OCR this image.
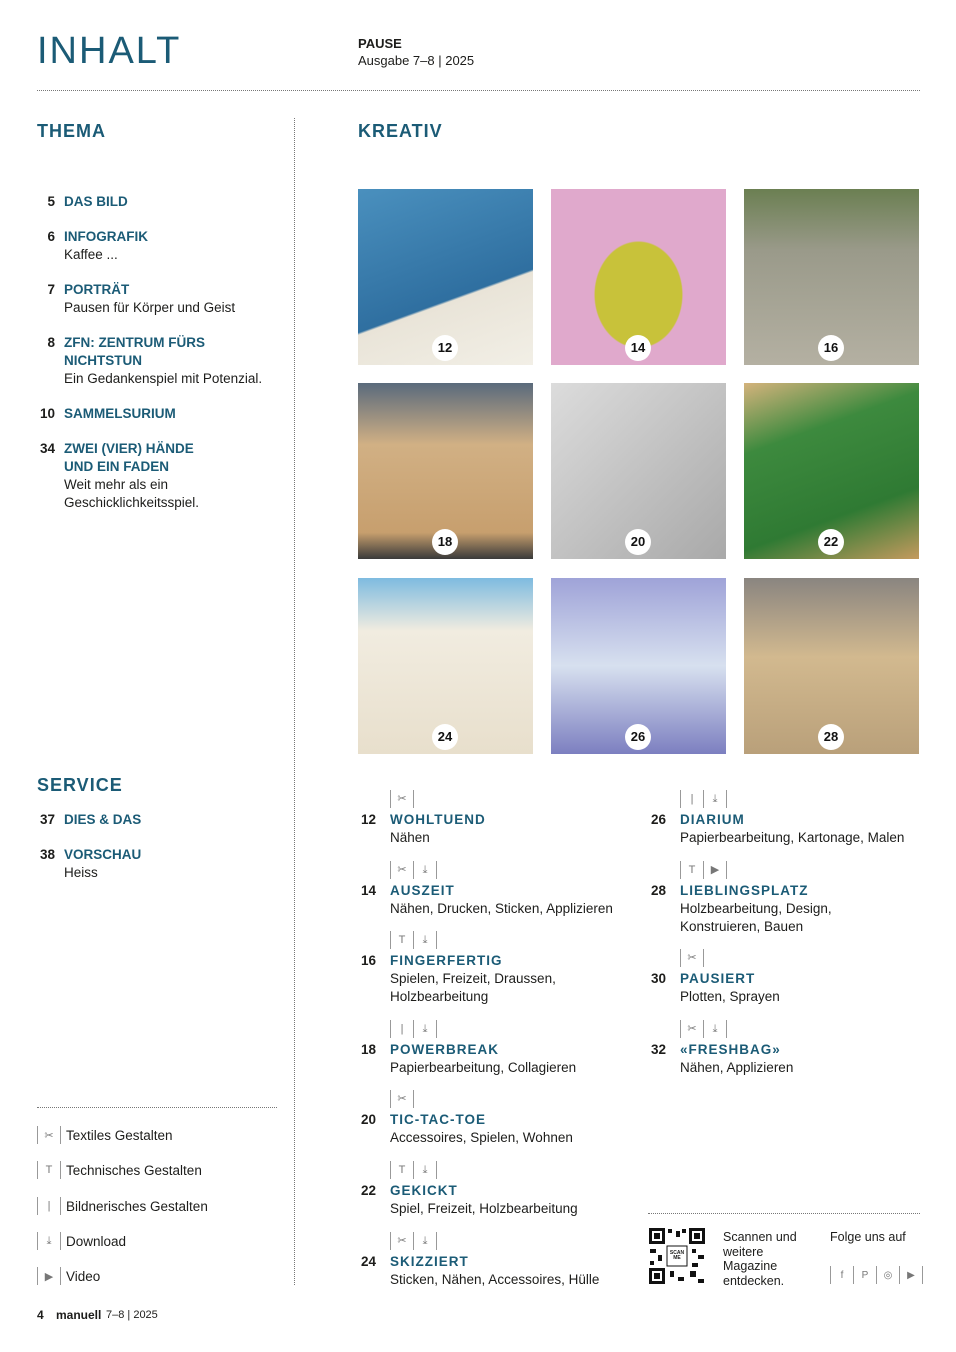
INHALT	PAUSE
Ausgabe 7–8 | 2025
THEMA
5 DAS BILD
6 INFOGRAFIK
Kaffee ...
7 PORTRÄT
Pausen für Körper und Geist
8 ZFN: ZENTRUM FÜRS NICHTSTUN
Ein Gedankenspiel mit Potenzial.
10 SAMMELSURIUM
34 ZWEI (VIER) HÄNDE UND EIN FADEN
Weit mehr als ein Geschicklichkeitsspiel.
SERVICE
37 DIES & DAS
38 VORSCHAU
Heiss
✂ Textiles Gestalten
T	Technisches Gestalten
|	Bildnerisches Gestalten
⤓	Download
▶ Video
KREATIV
12	14	16
18	20	22
24	26	28
✂
12 WOHLTUEND
Nähen
✂	⤓
14 AUSZEIT
Nähen, Drucken, Sticken, Applizieren
T	⤓
16 FINGERFERTIG
Spielen, Freizeit, Draussen, Holzbearbeitung
|	⤓
18 POWERBREAK
Papierbearbeitung, Collagieren
✂
20 TIC-TAC-TOE
Accessoires, Spielen, Wohnen
T	⤓
22 GEKICKT
Spiel, Freizeit, Holzbearbeitung
✂	⤓
24 SKIZZIERT
Sticken, Nähen, Accessoires, Hülle
|	⤓
26 DIARIUM
Papierbearbeitung, Kartonage, Malen
T	▶
28 LIEBLINGSPLATZ
Holzbearbeitung, Design, Konstruieren, Bauen
✂
30 PAUSIERT
Plotten, Sprayen
✂	⤓
32 «FRESHBAG»
Nähen, Applizieren
SCAN ME
Scannen und weitere Magazine entdecken.
Folge uns auf
f	P	◎	▶
4 manuell 7–8 | 2025
